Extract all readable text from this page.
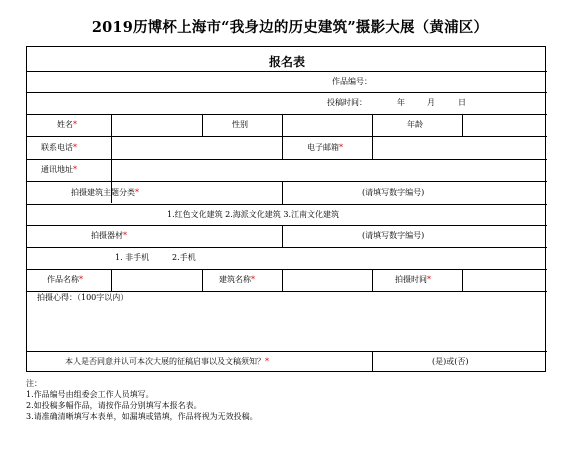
2019历博杯上海市“我身边的历史建筑”摄影大展（黄浦区）
报名表
作品编号：
投稿时间：	年	月	日
姓名*	性别	年龄
联系电话*	电子邮箱*
通讯地址*
拍摄建筑主题分类*	(请填写数字编号)
1.红色文化建筑 2.海派文化建筑 3.江南文化建筑
拍摄器材*	(请填写数字编号)
1. 非手机         2.手机
作品名称*	建筑名称*	拍摄时间*
拍摄心得：（100字以内）
本人是否同意并认可本次大展的征稿启事以及文稿须知？*	(是)或(否)
注：
1.作品编号由组委会工作人员填写。
2.如投稿多幅作品，请按作品分别填写本报名表。
3.请准确清晰填写本表单，如漏填或错填，作品将视为无效投稿。
